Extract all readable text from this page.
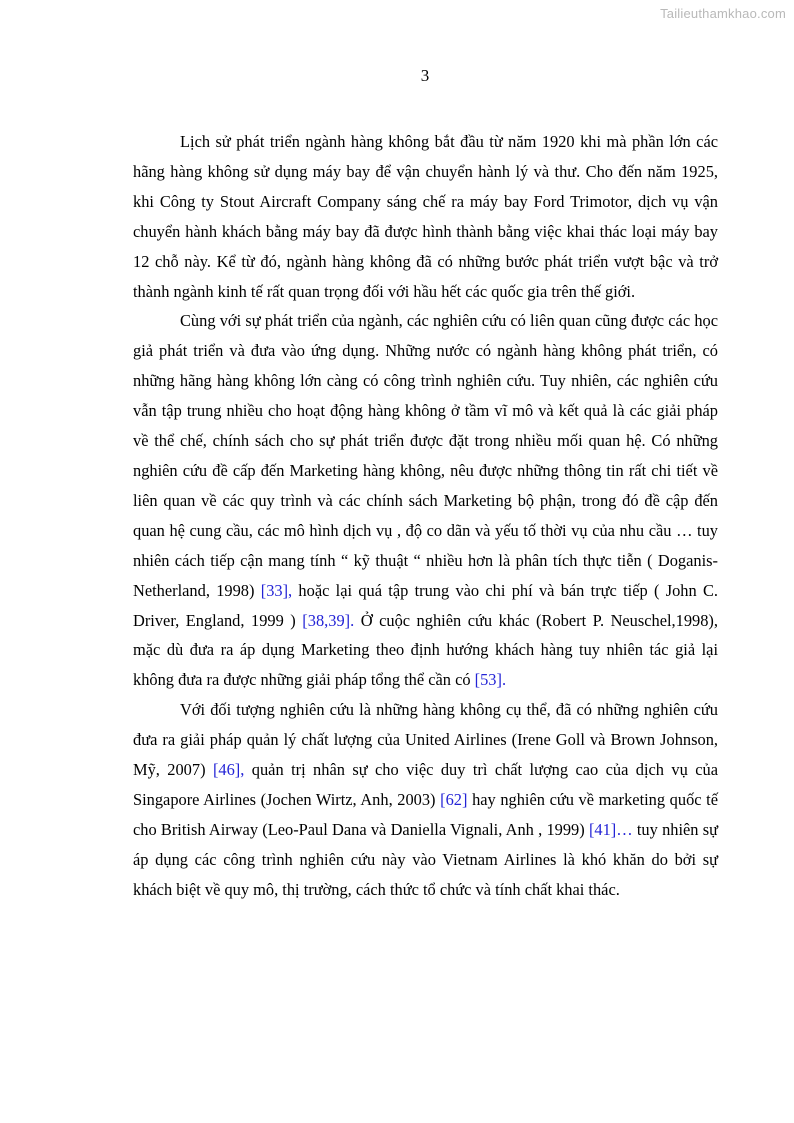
Tailieuthamkhao.com
3

Lịch sử phát triển ngành hàng không bắt đầu từ năm 1920 khi mà phần lớn các hãng hàng không sử dụng máy bay để vận chuyển hành lý và thư. Cho đến năm 1925, khi Công ty Stout Aircraft Company sáng chế ra máy bay Ford Trimotor, dịch vụ vận chuyển hành khách bằng máy bay đã được hình thành bằng việc khai thác loại máy bay 12 chỗ này. Kể từ đó, ngành hàng không đã có những bước phát triển vượt bậc và trở thành ngành kinh tế rất quan trọng đối với hầu hết các quốc gia trên thế giới.

Cùng với sự phát triển của ngành, các nghiên cứu có liên quan cũng được các học giả phát triển và đưa vào ứng dụng. Những nước có ngành hàng không phát triển, có những hãng hàng không lớn càng có công trình nghiên cứu. Tuy nhiên, các nghiên cứu vẫn tập trung nhiều cho hoạt động hàng không ở tầm vĩ mô và kết quả là các giải pháp về thể chế, chính sách cho sự phát triển được đặt trong nhiều mối quan hệ. Có những nghiên cứu đề cấp đến Marketing hàng không, nêu được những thông tin rất chi tiết về liên quan về các quy trình và các chính sách Marketing bộ phận, trong đó đề cập đến quan hệ cung cầu, các mô hình dịch vụ , độ co dãn và yếu tố thời vụ của nhu cầu … tuy nhiên cách tiếp cận mang tính “ kỹ thuật “ nhiều hơn là phân tích thực tiễn ( Doganis- Netherland, 1998) [33], hoặc lại quá tập trung vào chi phí và bán trực tiếp ( John C. Driver, England, 1999 ) [38,39]. Ở cuộc nghiên cứu khác (Robert P. Neuschel,1998), mặc dù đưa ra áp dụng Marketing theo định hướng khách hàng tuy nhiên tác giả lại không đưa ra được những giải pháp tổng thể cần có [53].

Với đối tượng nghiên cứu là những hàng không cụ thể, đã có những nghiên cứu đưa ra giải pháp quản lý chất lượng của United Airlines (Irene Goll và Brown Johnson, Mỹ, 2007) [46], quản trị nhân sự cho việc duy trì chất lượng cao của dịch vụ của Singapore Airlines (Jochen Wirtz, Anh, 2003) [62] hay nghiên cứu về marketing quốc tế cho British Airway (Leo-Paul Dana và Daniella Vignali, Anh , 1999) [41]… tuy nhiên sự áp dụng các công trình nghiên cứu này vào Vietnam Airlines là khó khăn do bởi sự khách biệt về quy mô, thị trường, cách thức tổ chức và tính chất khai thác.
